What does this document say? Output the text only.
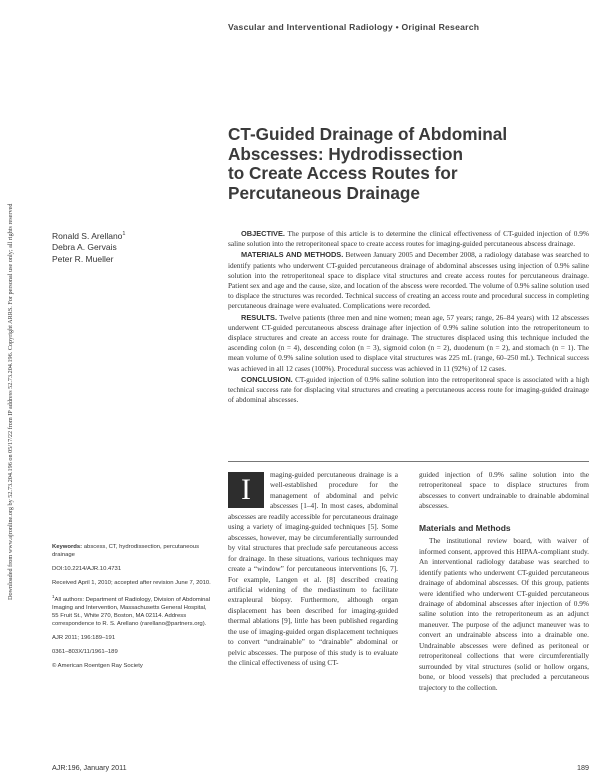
Downloaded from www.ajronline.org by 52.73.204.196 on 05/17/22 from IP address 52.73.204.196. Copyright ARRS. For personal use only; all rights reserved
Vascular and Interventional Radiology • Original Research
CT-Guided Drainage of Abdominal
Abscesses: Hydrodissection
to Create Access Routes for
Percutaneous Drainage
Ronald S. Arellano$^1$
Debra A. Gervais
Peter R. Mueller

OBJECTIVE. The purpose of this article is to determine the clinical effectiveness of CT-guided injection of 0.9% saline solution into the retroperitoneal space to create access routes for imaging-guided percutaneous abscess drainage.

MATERIALS AND METHODS. Between January 2005 and December 2008, a radiology database was searched to identify patients who underwent CT-guided percutaneous drainage of abdominal abscesses using injection of 0.9% saline solution into the retroperitoneal space to displace vital structures and create access routes for percutaneous drainage. Patient sex and age and the cause, size, and location of the abscess were recorded. The volume of 0.9% saline solution used to displace the structures was recorded. Technical success of creating an access route and procedural success in completing percutaneous drainage were evaluated. Complications were recorded.

RESULTS. Twelve patients (three men and nine women; mean age, 57 years; range, 26–84 years) with 12 abscesses underwent CT-guided percutaneous abscess drainage after injection of 0.9% saline solution into the retroperitoneum to displace structures and create an access route for drainage. The structures displaced using this technique included the ascending colon (n = 4), descending colon (n = 3), sigmoid colon (n = 2), duodenum (n = 2), and stomach (n = 1). The mean volume of 0.9% saline solution used to displace vital structures was 225 mL (range, 60–250 mL). Technical success was achieved in all 12 cases (100%). Procedural success was achieved in 11 (92%) of 12 cases.

CONCLUSION. CT-guided injection of 0.9% saline solution into the retroperitoneal space is associated with a high technical success rate for displacing vital structures and creating a percutaneous access route for imaging-guided drainage of abdominal abscesses.

Keywords: abscess, CT, hydrodissection, percutaneous drainage

DOI:10.2214/AJR.10.4731

Received April 1, 2010; accepted after revision June 7, 2010.

$^1$All authors: Department of Radiology, Division of Abdominal Imaging and Intervention, Massachusetts General Hospital, 55 Fruit St., White 270, Boston, MA 02114. Address correspondence to R. S. Arellano (rarellano@partners.org).

AJR 2011; 196:189–191

0361–803X/11/1961–189

© American Roentgen Ray Society

I	maging-guided percutaneous drainage is a well-established procedure for the management of abdominal and pelvic abscesses [1–4]. In most cases, abdominal abscesses are readily accessible for percutaneous drainage using a variety of imaging-guided techniques [5]. Some abscesses, however, may be circumferentially surrounded by vital structures that preclude safe percutaneous access for drainage. In these situations, various techniques may create a “window” for percutaneous interventions [6, 7]. For example, Langen et al. [8] described creating artificial widening of the mediastinum to facilitate extrapleural biopsy. Furthermore, although organ displacement has been described for imaging-guided thermal ablations [9], little has been published regarding the use of imaging-guided organ displacement techniques to convert “undrainable” to “drainable” abdominal or pelvic abscesses. The purpose of this study is to evaluate the clinical effectiveness of using CT-

guided injection of 0.9% saline solution into the retroperitoneal space to displace structures from abscesses to convert undrainable to drainable abdominal abscesses.

Materials and Methods

The institutional review board, with waiver of informed consent, approved this HIPAA-compliant study. An interventional radiology database was searched to identify patients who underwent CT-guided percutaneous drainage of abdominal abscesses. Of this group, patients were identified who underwent CT-guided percutaneous drainage of abdominal abscesses after injection of 0.9% saline solution into the retroperitoneum as an adjunct maneuver. The purpose of the adjunct maneuver was to convert an undrainable abscess into a drainable one. Undrainable abscesses were defined as peritoneal or retroperitoneal collections that were circumferentially surrounded by vital structures (solid or hollow organs, bone, or blood vessels) that precluded a percutaneous trajectory to the collection.

AJR:196, January 2011	189
